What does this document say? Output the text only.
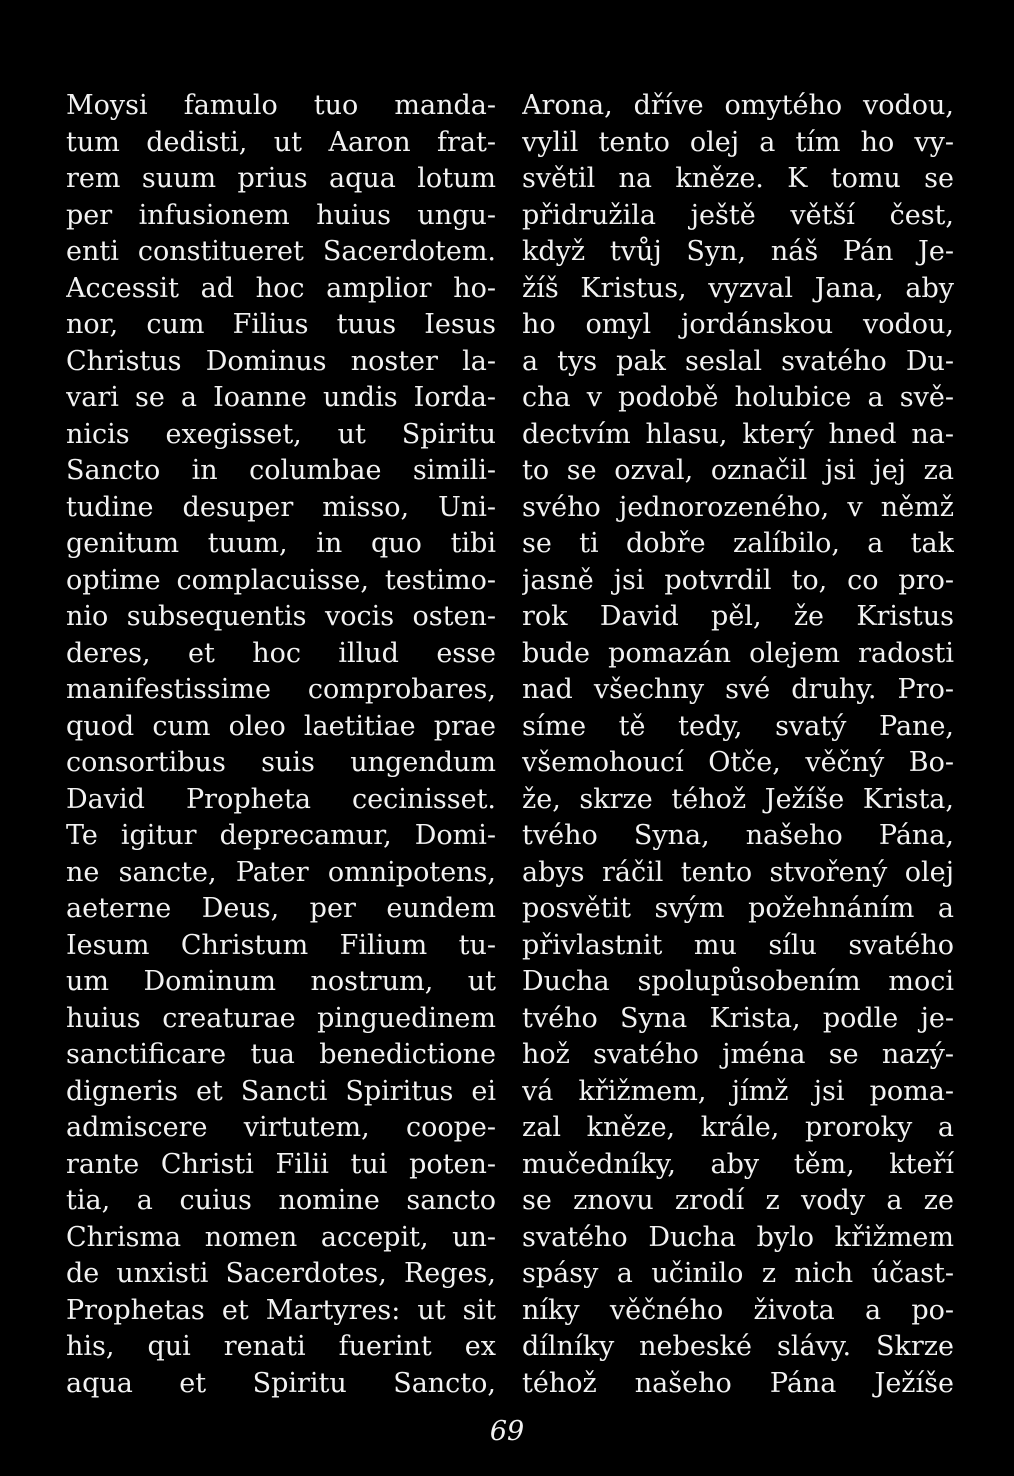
Moysi famulo tuo manda-
tum dedisti, ut Aaron frat-
rem suum prius aqua lotum
per infusionem huius ungu-
enti constitueret Sacerdotem.
Accessit ad hoc amplior ho-
nor, cum Filius tuus Iesus
Christus Dominus noster la-
vari se a Ioanne undis Iorda-
nicis exegisset, ut Spiritu
Sancto in columbae simili-
tudine desuper misso, Uni-
genitum tuum, in quo tibi
optime complacuisse, testimo-
nio subsequentis vocis osten-
deres, et hoc illud esse
manifestissime comprobares,
quod cum oleo laetitiae prae
consortibus suis ungendum
David Propheta cecinisset.
Te igitur deprecamur, Domi-
ne sancte, Pater omnipotens,
aeterne Deus, per eundem
Iesum Christum Filium tu-
um Dominum nostrum, ut
huius creaturae pinguedinem
sanctificare tua benedictione
digneris et Sancti Spiritus ei
admiscere virtutem, coope-
rante Christi Filii tui poten-
tia, a cuius nomine sancto
Chrisma nomen accepit, un-
de unxisti Sacerdotes, Reges,
Prophetas et Martyres: ut sit
his, qui renati fuerint ex
aqua et Spiritu Sancto,
Arona, dříve omytého vodou,
vylil tento olej a tím ho vy-
světil na kněze. K tomu se
přidružila ještě větší čest,
když tvůj Syn, náš Pán Je-
žíš Kristus, vyzval Jana, aby
ho omyl jordánskou vodou,
a tys pak seslal svatého Du-
cha v podobě holubice a svě-
dectvím hlasu, který hned na-
to se ozval, označil jsi jej za
svého jednorozeného, v němž
se ti dobře zalíbilo, a tak
jasně jsi potvrdil to, co pro-
rok David pěl, že Kristus
bude pomazán olejem radosti
nad všechny své druhy. Pro-
síme tě tedy, svatý Pane,
všemohoucí Otče, věčný Bo-
že, skrze téhož Ježíše Krista,
tvého Syna, našeho Pána,
abys ráčil tento stvořený olej
posvětit svým požehnáním a
přivlastnit mu sílu svatého
Ducha spolupůsobením moci
tvého Syna Krista, podle je-
hož svatého jména se nazý-
vá křižmem, jímž jsi poma-
zal kněze, krále, proroky a
mučedníky, aby těm, kteří
se znovu zrodí z vody a ze
svatého Ducha bylo křižmem
spásy a učinilo z nich účast-
níky věčného života a po-
dílníky nebeské slávy. Skrze
téhož našeho Pána Ježíše
69
